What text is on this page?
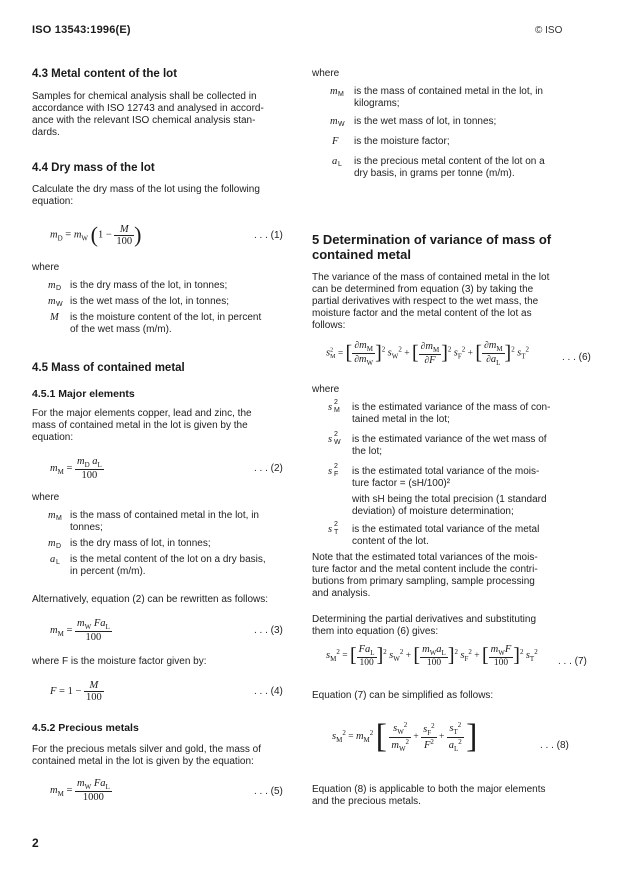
ISO 13543:1996(E)	© ISO
4.3 Metal content of the lot
Samples for chemical analysis shall be collected in
accordance with ISO 12743 and analysed in accord-
ance with the relevant ISO chemical analysis stan-
dards.
4.4 Dry mass of the lot
Calculate the dry mass of the lot using the following
equation:
$m_D = m_W$ ($1 - \frac{M}{100}$ )	. . . (1)
where
m D is the dry mass of the lot, in tonnes;
m W is the wet mass of the lot, in tonnes;
M is the moisture content of the lot, in percent
of the wet mass (m/m).
4.5 Mass of contained metal
4.5.1 Major elements
For the major elements copper, lead and zinc, the
mass of contained metal in the lot is given by the
equation:
$m_M = \frac{m_D a_L}{100}$	. . . (2)
where
m M is the mass of contained metal in the lot, in
tonnes;
m D is the dry mass of lot, in tonnes;
a L is the metal content of the lot on a dry basis,
in percent (m/m).
Alternatively, equation (2) can be rewritten as follows:
$m_M = \frac{m_W Fa_L}{100}$	. . . (3)
where F is the moisture factor given by:
$F = 1 - \frac{M}{100}$	. . . (4)
4.5.2 Precious metals
For the precious metals silver and gold, the mass of
contained metal in the lot is given by the equation:
$m_M = \frac{m_W Fa_L}{1000}$	. . . (5)
2
where
m M is the mass of contained metal in the lot, in
kilograms;
m W is the wet mass of lot, in tonnes;
F is the moisture factor;
a L is the precious metal content of the lot on a
dry basis, in grams per tonne (m/m).
5 Determination of variance of mass of
contained metal
The variance of the mass of contained metal in the lot
can be determined from equation (3) by taking the
partial derivatives with respect to the wet mass, the
moisture factor and the metal content of the lot as
follows:
$s^2_M$ = [ $\frac{\partial m_M}{\partial m_W} ]^2$ $s_W^2$ + [ $\frac{\partial m_M}{\partial F} ]^2$ $s_F^2$ + [ $\frac{\partial m_M}{\partial a_L} ]^2$ $s_T^2$
. . . (6)
where
s M
2 is the estimated variance of the mass of con-
tained metal in the lot;
s W
2 is the estimated variance of the wet mass of
the lot;
s F
2 is the estimated total variance of the mois-
ture factor = (sH/100)²
with sH being the total precision (1 standard
deviation) of moisture determination;
s T
2 is the estimated total variance of the metal
content of the lot.
Note that the estimated total variances of the mois-
ture factor and the metal content include the contri-
butions from primary sampling, sample processing
and analysis.
Determining the partial derivatives and substituting
them into equation (6) gives:
$s_M^2$ = [ $\frac{Fa_L}{100} ]^2$ $s_W^2$ + [ $\frac{m_Wa_L}{100} ]^2$ $s_F^2$ + [ $\frac{m_WF}{100} ]^2$ $s_T^2$
. . . (7)
Equation (7) can be simplified as follows:
$s_M^2 = m_M^2$ [ $\frac{s_W^2}{m_W^2} + \frac{s_F^2}{F^2} + \frac{s_T^2}{a_L^2}$ ]	. . . (8)
Equation (8) is applicable to both the major elements
and the precious metals.
